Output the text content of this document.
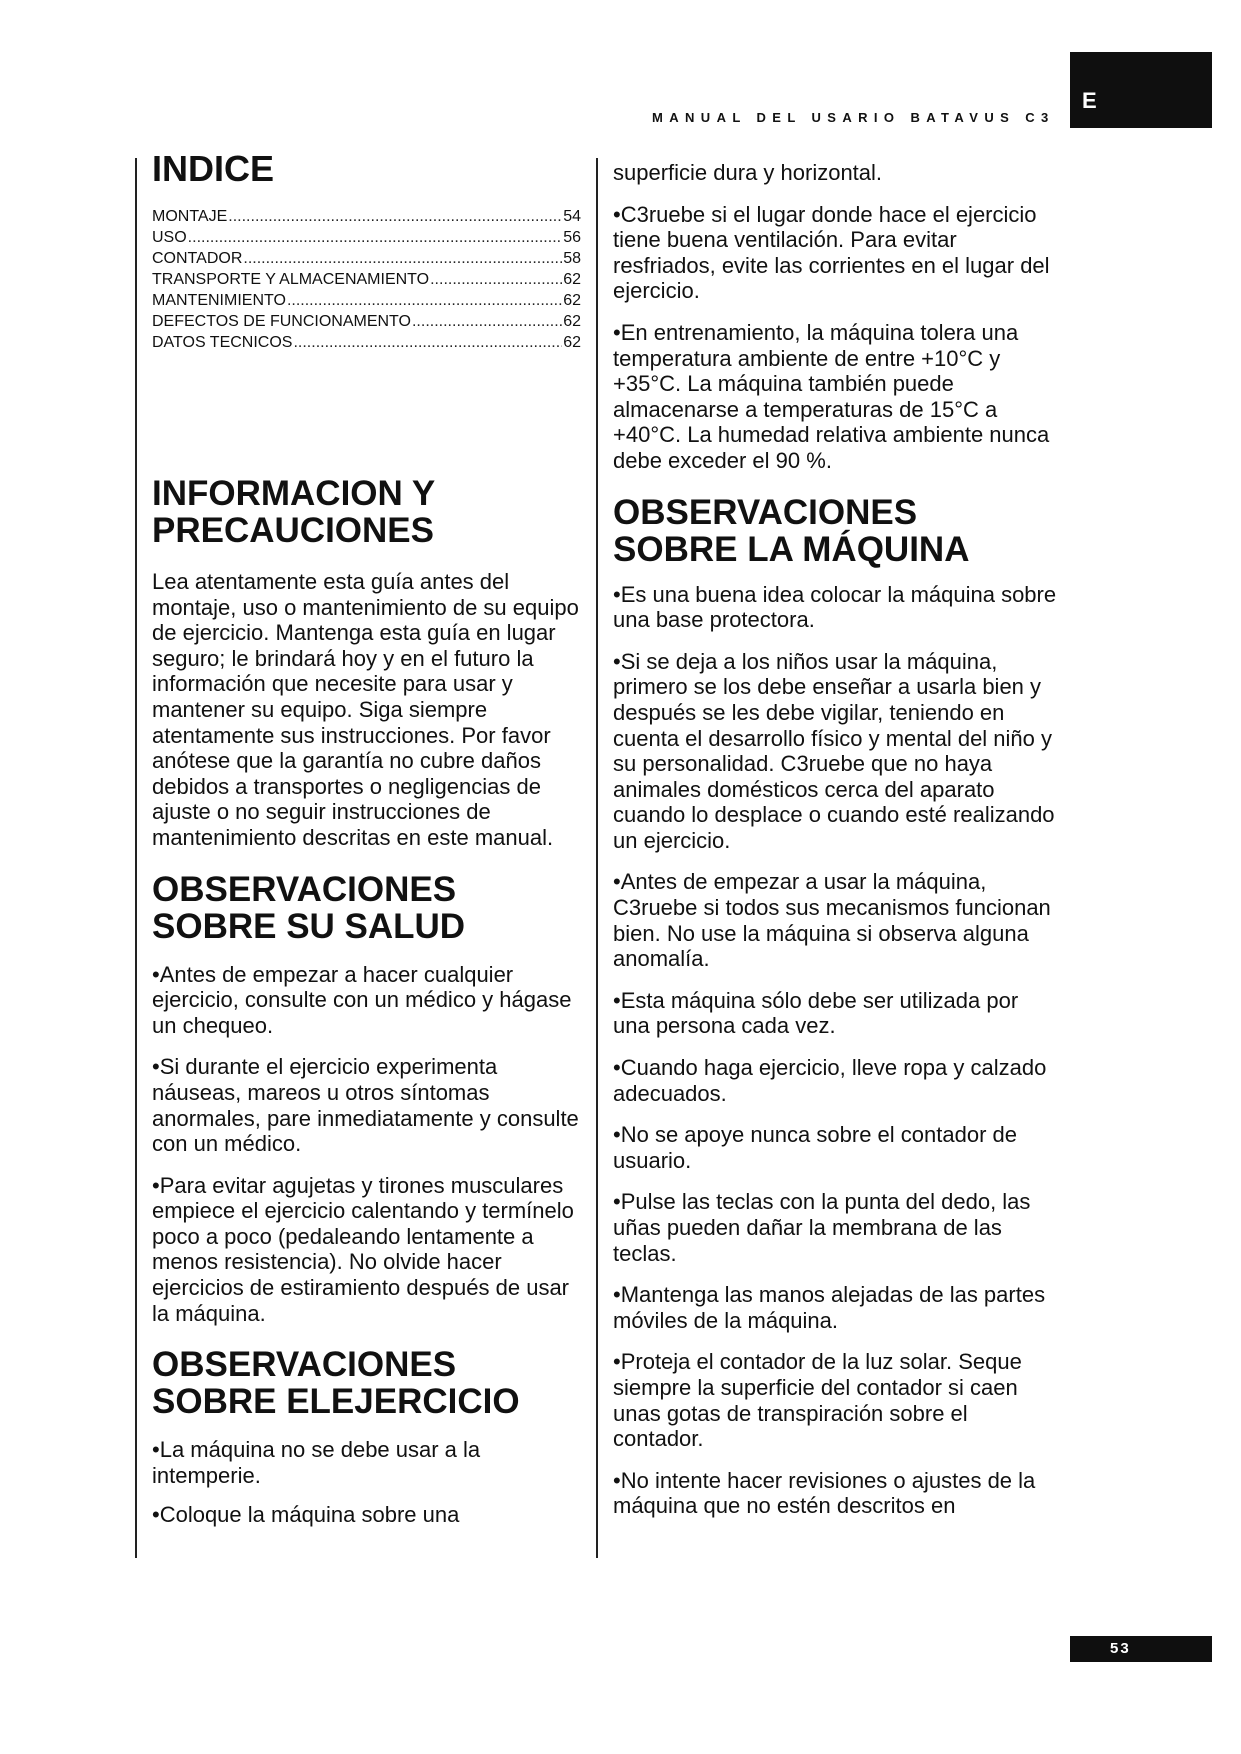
MANUAL DEL USARIO BATAVUS C3
E
INDICE
MONTAJE .....	54
USO .....	56
CONTADOR .....	58
TRANSPORTE Y ALMACENAMIENTO .....	62
MANTENIMIENTO .....	62
DEFECTOS DE FUNCIONAMENTO .....	62
DATOS TECNICOS .....	62
INFORMACION Y
PRECAUCIONES

Lea atentamente esta guía antes del montaje, uso o mantenimiento de su equipo de ejercicio. Mantenga esta guía en lugar seguro; le brindará hoy y en el futuro la información que necesite para usar y mantener su equipo. Siga siempre atentamente sus instrucciones. Por favor anótese que la garantía no cubre daños debidos a transportes o negligencias de ajuste o no seguir instrucciones de mantenimiento descritas en este manual.

OBSERVACIONES
SOBRE SU SALUD

• Antes de empezar a hacer cualquier ejercicio, consulte con un médico y hágase un chequeo.

• Si durante el ejercicio experimenta náuseas, mareos u otros síntomas anormales, pare inmediatamente y consulte con un médico.

• Para evitar agujetas y tirones musculares empiece el ejercicio calentando y termínelo poco a poco (pedaleando lentamente a menos resistencia). No olvide hacer ejercicios de estiramiento después de usar la máquina.

OBSERVACIONES
SOBRE ELEJERCICIO

• La máquina no se debe usar a la intemperie.

• Coloque la máquina sobre una

superficie dura y horizontal.

• C3ruebe si el lugar donde hace el ejercicio tiene buena ventilación. Para evitar resfriados, evite las corrientes en el lugar del ejercicio.

• En entrenamiento, la máquina tolera una temperatura ambiente de entre +10°C y +35°C. La máquina también puede almacenarse a temperaturas de 15°C a +40°C. La humedad relativa ambiente nunca debe exceder el 90 %.

OBSERVACIONES
SOBRE LA MÁQUINA

• Es una buena idea colocar la máquina sobre una base protectora.

• Si se deja a los niños usar la máquina, primero se los debe enseñar a usarla bien y después se les debe vigilar, teniendo en cuenta el desarrollo físico y mental del niño y su personalidad. C3ruebe que no haya animales domésticos cerca del aparato cuando lo desplace o cuando esté realizando un ejercicio.

• Antes de empezar a usar la máquina, C3ruebe si todos sus mecanismos funcionan bien. No use la máquina si observa alguna anomalía.

• Esta máquina sólo debe ser utilizada por una persona cada vez.

• Cuando haga ejercicio, lleve ropa y calzado adecuados.

• No se apoye nunca sobre el contador de usuario.

• Pulse las teclas con la punta del dedo, las uñas pueden dañar la membrana de las teclas.

• Mantenga las manos alejadas de las partes móviles de la máquina.

• Proteja el contador de la luz solar. Seque siempre la superficie del contador si caen unas gotas de transpiración sobre el contador.

• No intente hacer revisiones o ajustes de la máquina que no estén descritos en

53
